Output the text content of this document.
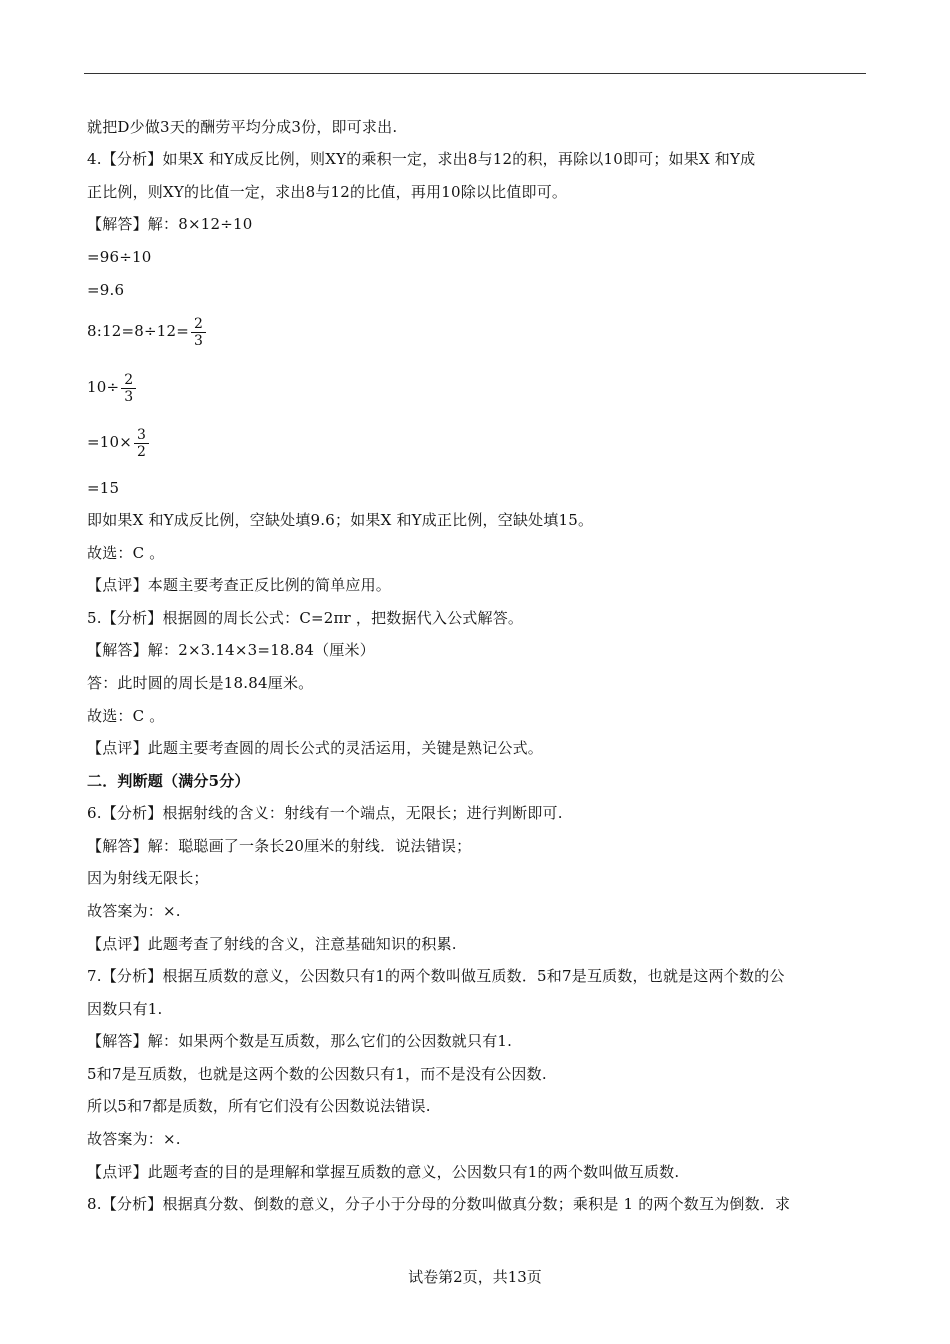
就把D少做3天的酬劳平均分成3份，即可求出.
4.【分析】如果X 和Y成反比例，则XY的乘积一定，求出8与12的积，再除以10即可；如果X 和Y成
正比例，则XY的比值一定，求出8与12的比值，再用10除以比值即可。
【解答】解：8×12÷10
=96÷10
=9.6
8:12=8÷12= $\frac{2}{3}$
$10\div \frac{2}{3}$
$=10\times \frac{3}{2}$
=15
即如果X 和Y成反比例，空缺处填9.6；如果X 和Y成正比例，空缺处填15。
故选：C 。
【点评】本题主要考查正反比例的简单应用。
5.【分析】根据圆的周长公式：C=2πr ，把数据代入公式解答。
【解答】解：2×3.14×3=18.84（厘米）
答：此时圆的周长是18.84厘米。
故选：C 。
【点评】此题主要考查圆的周长公式的灵活运用，关键是熟记公式。
二．判断题（满分5分）
6.【分析】根据射线的含义：射线有一个端点，无限长；进行判断即可.
【解答】解：聪聪画了一条长20厘米的射线．说法错误；
因为射线无限长；
故答案为：×.
【点评】此题考查了射线的含义，注意基础知识的积累.
7.【分析】根据互质数的意义，公因数只有1的两个数叫做互质数．5和7是互质数，也就是这两个数的公
因数只有1.
【解答】解：如果两个数是互质数，那么它们的公因数就只有1.
5和7是互质数，也就是这两个数的公因数只有1，而不是没有公因数.
所以5和7都是质数，所有它们没有公因数说法错误.
故答案为：×.
【点评】此题考查的目的是理解和掌握互质数的意义，公因数只有1的两个数叫做互质数.
8.【分析】根据真分数、倒数的意义，分子小于分母的分数叫做真分数；乘积是 1 的两个数互为倒数．求
试卷第2页，共13页
